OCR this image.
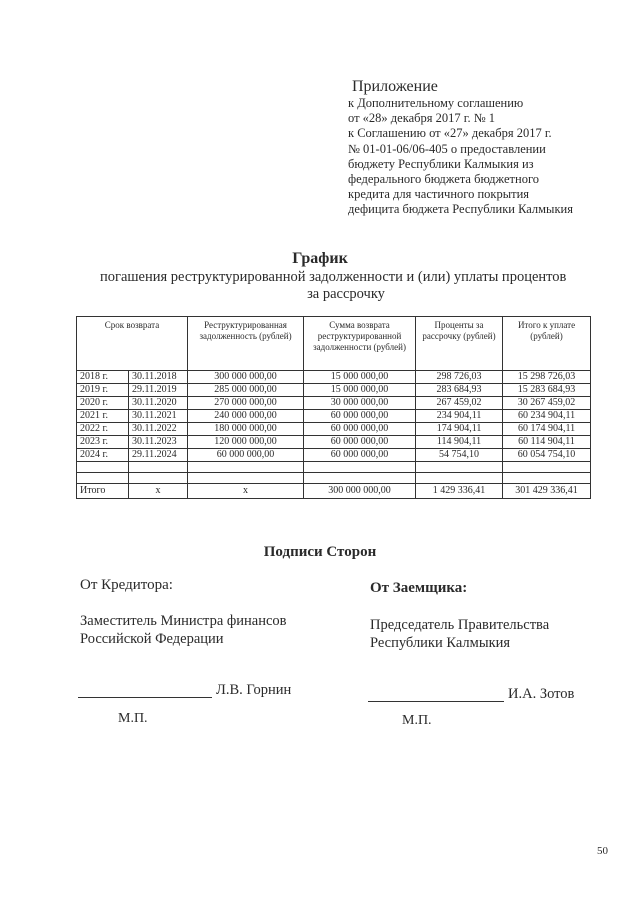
Приложение
к Дополнительному соглашению
от «28» декабря 2017 г. № 1
к Соглашению от «27» декабря 2017 г.
№ 01-01-06/06-405 о предоставлении
бюджету Республики Калмыкия из
федерального бюджета бюджетного
кредита для частичного покрытия
дефицита бюджета Республики Калмыкия
График
погашения реструктурированной задолженности и (или) уплаты процентов
за рассрочку
Срок возврата		Реструктурированная задолженность (рублей)	Сумма возврата реструктурированной задолженности (рублей)	Проценты за рассрочку (рублей)	Итого к уплате (рублей)
2018 г.	30.11.2018	300 000 000,00	15 000 000,00	298 726,03	15 298 726,03
2019 г.	29.11.2019	285 000 000,00	15 000 000,00	283 684,93	15 283 684,93
2020 г.	30.11.2020	270 000 000,00	30 000 000,00	267 459,02	30 267 459,02
2021 г.	30.11.2021	240 000 000,00	60 000 000,00	234 904,11	60 234 904,11
2022 г.	30.11.2022	180 000 000,00	60 000 000,00	174 904,11	60 174 904,11
2023 г.	30.11.2023	120 000 000,00	60 000 000,00	114 904,11	60 114 904,11
2024 г.	29.11.2024	60 000 000,00	60 000 000,00	54 754,10	60 054 754,10

Итого	х	х	300 000 000,00	1 429 336,41	301 429 336,41
Подписи Сторон
От Кредитора:	От Заемщика:
Заместитель Министра финансов
Российской Федерации
Председатель Правительства
Республики Калмыкия
Л.В. Горнин	И.А. Зотов
М.П.	М.П.
50
